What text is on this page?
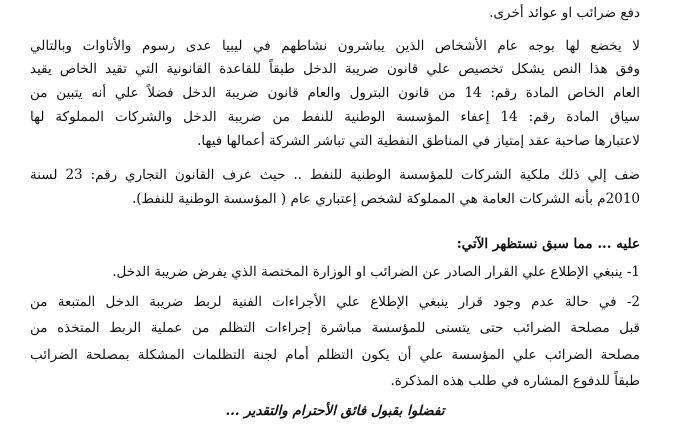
دفع ضرائب او عوائد أخرى.
لا يخضع لها بوجه عام الأشخاص الذين يباشرون نشاطهم في ليبيا عدى رسوم والأتاوات وبالتالي
وفق هذا النص يشكل تخصيص علي قانون ضريبة الدخل طبقاً للقاعدة القانونية التي تقيد الخاص يقيد
العام الخاص المادة رقم: 14 من قانون البترول والعام قانون ضريبة الدخل فضلاً علي أنه يتبين من
سياق المادة رقم: 14 إعفاء المؤسسة الوطنية للنفط من ضريبة الدخل والشركات المملوكة لها
لاعتبارها صاحبة عقد إمتياز في المناطق النفطية التي تباشر الشركة أعمالها فيها.
ضف إلي ذلك ملكية الشركات للمؤسسة الوطنية للنفط .. حيث عرف القانون التجاري رقم: 23 لسنة
2010م بأنه الشركات العامة هي المملوكة لشخص إعتباري عام ( المؤسسة الوطنية للنفط).
عليه ... مما سبق نستظهر الآتي:
1- ينبغي الإطلاع علي القرار الصادر عن الضرائب او الوزارة المختصة الذي يفرض ضريبة الدخل.
2- في حالة عدم وجود قرار ينبغي الإطلاع علي الأجراءات الفنية لربط ضريبة الدخل المتبعة من
قبل مصلحة الضرائب حتى يتسنى للمؤسسة مباشرة إجراءات التظلم من عملية الربط المتخذه من
مصلحة الضرائب علي المؤسسة علي أن يكون التظلم أمام لجنة التظلمات المشكلة بمصلحة الضرائب
طبقاً للدفوع المشاره في طلب هذه المذكرة.
تفضلوا بقبول فائق الأحترام والتقدير ...
